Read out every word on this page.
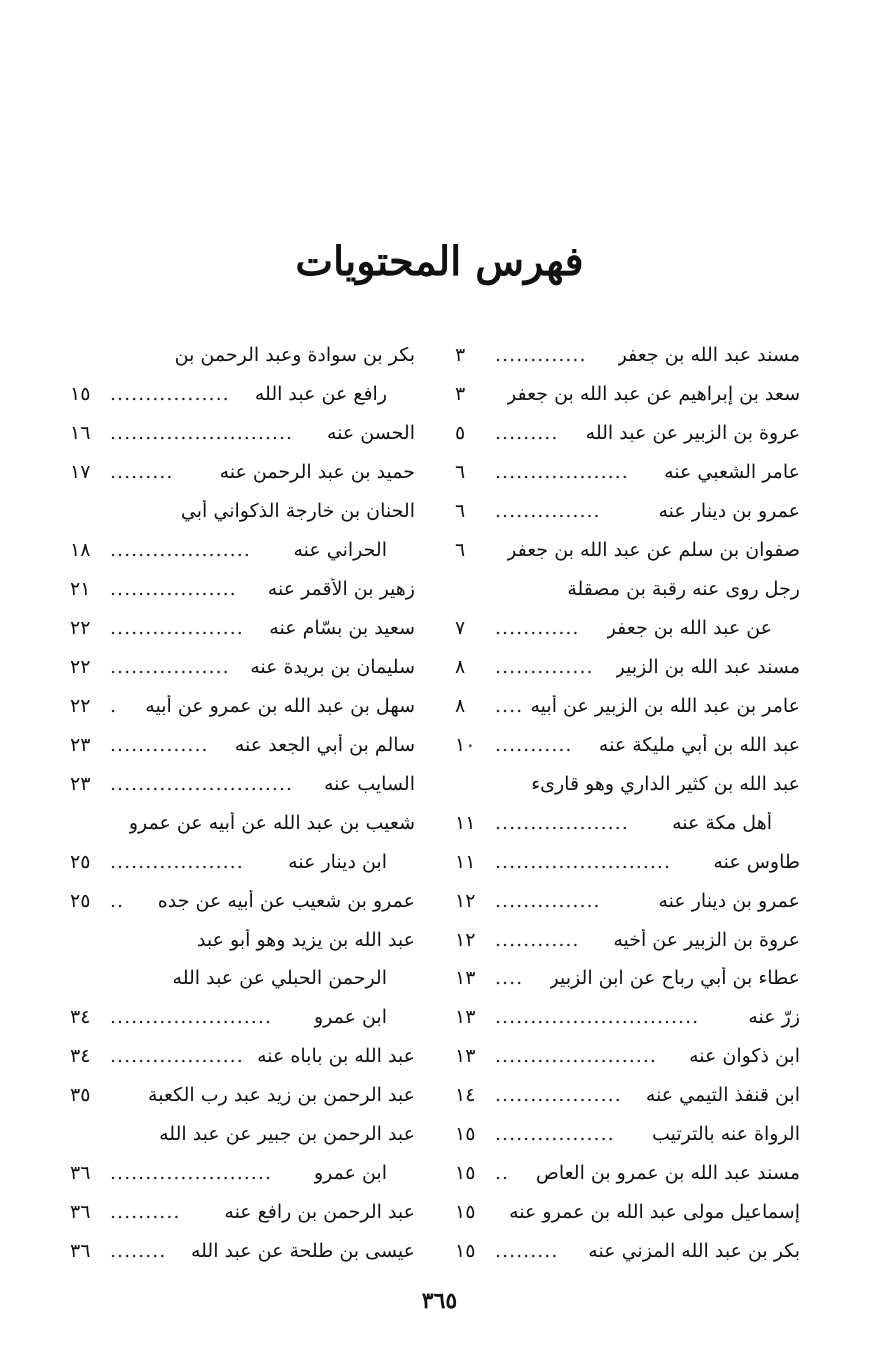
فهرس المحتويات
مسند عبد الله بن جعفر
.............
٣
سعد بن إبراهيم عن عبد الله بن جعفر
٣
عروة بن الزبير عن عبد الله
.........
٥
عامر الشعبي عنه
...................
٦
عمرو بن دينار عنه
...............
٦
صفوان بن سلم عن عبد الله بن جعفر
٦
رجل روى عنه رقبة بن مصقلة
عن عبد الله بن جعفر
............
٧
مسند عبد الله بن الزبير
..............
٨
عامر بن عبد الله بن الزبير عن أبيه
....
٨
عبد الله بن أبي مليكة عنه
...........
١٠
عبد الله بن كثير الداري وهو قارىء
أهل مكة عنه
...................
١١
طاوس عنه
.........................
١١
عمرو بن دينار عنه
...............
١٢
عروة بن الزبير عن أخيه
............
١٢
عطاء بن أبي رباح عن ابن الزبير
....
١٣
زرّ عنه
.............................
١٣
ابن ذكوان عنه
.......................
١٣
ابن قنفذ التيمي عنه
..................
١٤
الرواة عنه بالترتيب
.................
١٥
مسند عبد الله بن عمرو بن العاص
..
١٥
إسماعيل مولى عبد الله بن عمرو عنه
١٥
بكر بن عبد الله المزني عنه
.........
١٥
بكر بن سوادة وعبد الرحمن بن
رافع عن عبد الله
.................
١٥
الحسن عنه
..........................
١٦
حميد بن عبد الرحمن عنه
.........
١٧
الحنان بن خارجة الذكواني أبي
الحراني عنه
....................
١٨
زهير بن الأقمر عنه
..................
٢١
سعيد بن بسّام عنه
...................
٢٢
سليمان بن بريدة عنه
.................
٢٢
سهل بن عبد الله بن عمرو عن أبيه
.
٢٢
سالم بن أبي الجعد عنه
..............
٢٣
السايب عنه
..........................
٢٣
شعيب بن عبد الله عن أبيه عن عمرو
ابن دينار عنه
...................
٢٥
عمرو بن شعيب عن أبيه عن جده
..
٢٥
عبد الله بن يزيد وهو أبو عبد
الرحمن الحبلي عن عبد الله
ابن عمرو
.......................
٣٤
عبد الله بن باباه عنه
...................
٣٤
عبد الرحمن بن زيد عبد رب الكعبة
٣٥
عبد الرحمن بن جبير عن عبد الله
ابن عمرو
.......................
٣٦
عبد الرحمن بن رافع عنه
..........
٣٦
عيسى بن طلحة عن عبد الله
........
٣٦
٣٦٥
